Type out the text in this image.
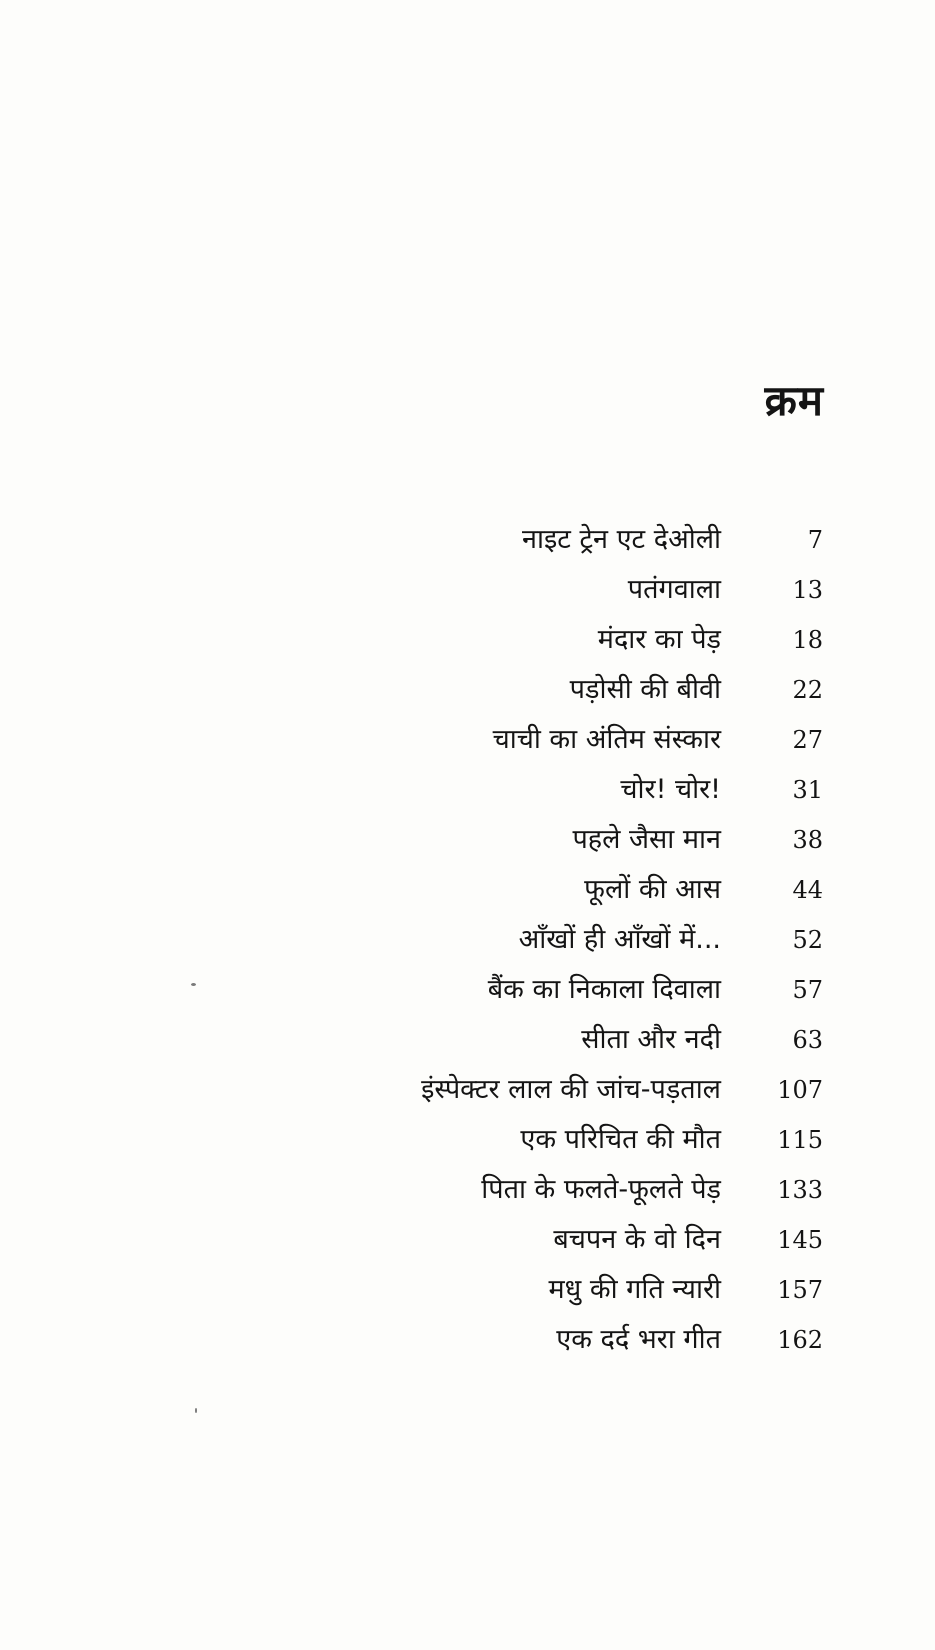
क्रम
नाइट ट्रेन एट देओली	7
पतंगवाला	13
मंदार का पेड़	18
पड़ोसी की बीवी	22
चाची का अंतिम संस्कार	27
चोर! चोर!	31
पहले जैसा मान	38
फूलों की आस	44
आँखों ही आँखों में...	52
बैंक का निकाला दिवाला	57
सीता और नदी	63
इंस्पेक्टर लाल की जांच-पड़ताल 107
एक परिचित की मौत 115
पिता के फलते-फूलते पेड़ 133
बचपन के वो दिन 145
मधु की गति न्यारी 157
एक दर्द भरा गीत 162
